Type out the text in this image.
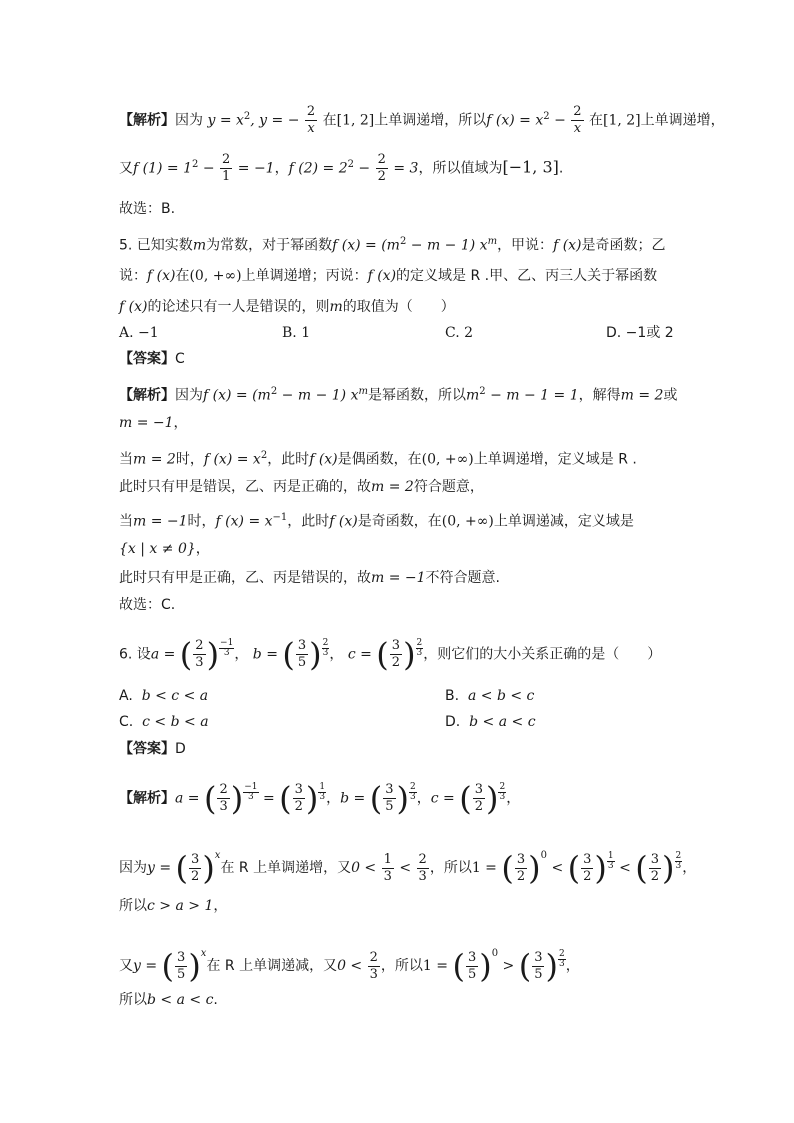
【解析】因为 $y = x^2$, y = − $\frac{2}{x}$ 在[1, 2]上单调递增，所以f $(x) = x^2 - \frac{2}{x}$ 在[1, 2]上单调递增，
又f $(1) = 1^2 - \frac{2}{1} = -1$，f $(2) = 2^2 - \frac{2}{2} = 3$，所以值域为[−1, 3].
故选：B.
5. 已知实数m为常数，对于幂函数f $(x) = (m^2 - m - 1)$ $x^m$，甲说：f (x)是奇函数；乙
说：f (x)在(0, +∞)上单调递增；丙说：f (x)的定义域是 R .甲、乙、丙三人关于幂函数
f (x)的论述只有一人是错误的，则m的取值为（　　）
A. −1	B. 1	C. 2	D. −1或 2
【答案】C
【解析】因为f $(x) = (m^2 - m - 1)$ $x^m$是幂函数，所以$m^2 - m - 1 = 1$，解得m = 2或
m = −1，
当m = 2时，f $(x) = x^2$，此时f (x)是偶函数，在(0, +∞)上单调递增，定义域是 R .
此时只有甲是错误，乙、丙是正确的，故m = 2符合题意，
当m = −1时，f $(x) = x^{-1}$，此时f (x)是奇函数，在(0, +∞)上单调递减，定义域是
{x | x ≠ 0}，
此时只有甲是正确，乙、丙是错误的，故m = −1不符合题意.
故选：C.
6. 设a = ( $\frac{2}{3}$ ) $\frac{-1}{3}$ ， b = ( $\frac{3}{5}$ ) $\frac{2}{3}$ ， c = ( $\frac{3}{2}$ ) $\frac{2}{3}$ ，则它们的大小关系正确的是（　　）
A. b < c < a	B. a < b < c
C. c < b < a	D. b < a < c
【答案】D
【解析】a = ( $\frac{2}{3}$ ) $\frac{-1}{3}$ = ( $\frac{3}{2}$ ) $\frac{1}{3}$ ，b = ( $\frac{3}{5}$ ) $\frac{2}{3}$ ，c = ( $\frac{3}{2}$ ) $\frac{2}{3}$ ，
因为y = ( $\frac{3}{2} )^x$在 R 上单调递增，又$0 < \frac{1}{3} < \frac{2}{3}$ ，所以1 = ( $\frac{3}{2} )^0$ < ( $\frac{3}{2}$ ) $\frac{1}{3}$ < ( $\frac{3}{2}$ ) $\frac{2}{3}$ ，
所以c > a > 1，
又y = ( $\frac{3}{5} )^x$在 R 上单调递减，又$0 < \frac{2}{3}$ ，所以1 = ( $\frac{3}{5} )^0$ > ( $\frac{3}{5}$ ) $\frac{2}{3}$ ，
所以b < a < c.
